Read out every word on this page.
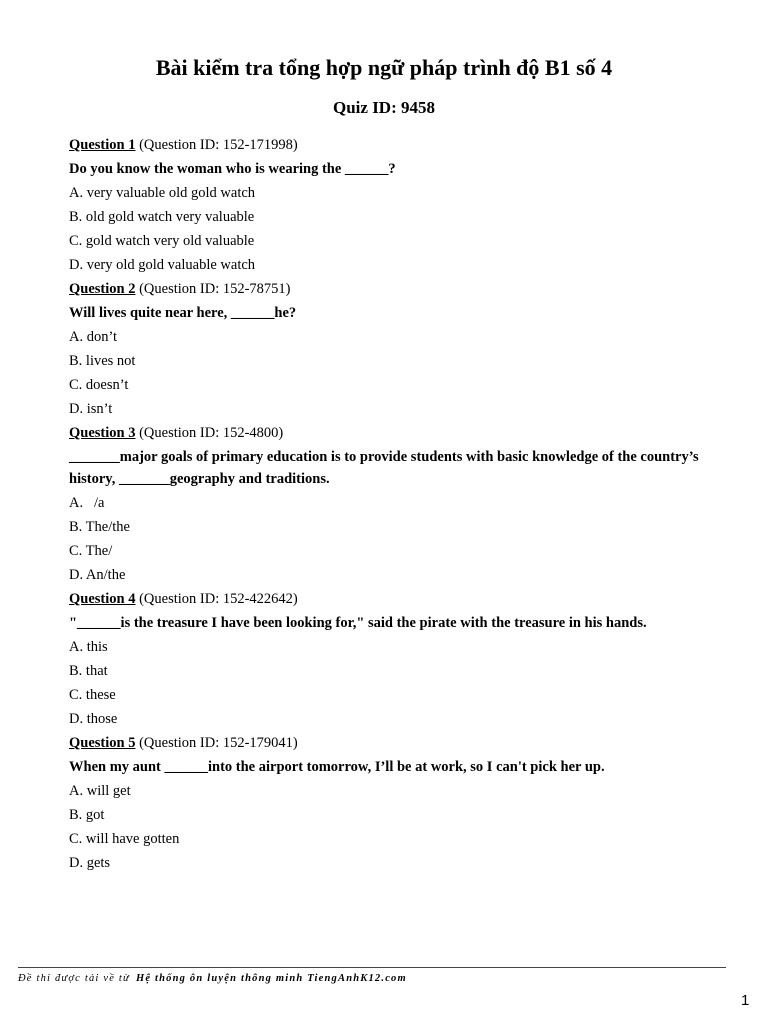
Bài kiểm tra tổng hợp ngữ pháp trình độ B1 số 4
Quiz ID: 9458
Question 1 (Question ID: 152-171998)
Do you know the woman who is wearing the ______?
A. very valuable old gold watch
B. old gold watch very valuable
C. gold watch very old valuable
D. very old gold valuable watch
Question 2 (Question ID: 152-78751)
Will lives quite near here, ______he?
A. don’t
B. lives not
C. doesn’t
D. isn’t
Question 3 (Question ID: 152-4800)
_______major goals of primary education is to provide students with basic knowledge of the country’s history, _______geography and traditions.
A.   /a
B. The/the
C. The/
D. An/the
Question 4 (Question ID: 152-422642)
"______is the treasure I have been looking for," said the pirate with the treasure in his hands.
A. this
B. that
C. these
D. those
Question 5 (Question ID: 152-179041)
When my aunt ______into the airport tomorrow, I’ll be at work, so I can't pick her up.
A. will get
B. got
C. will have gotten
D. gets
Đề thi được tải về từ Hệ thống ôn luyện thông minh TiengAnhK12.com
1
